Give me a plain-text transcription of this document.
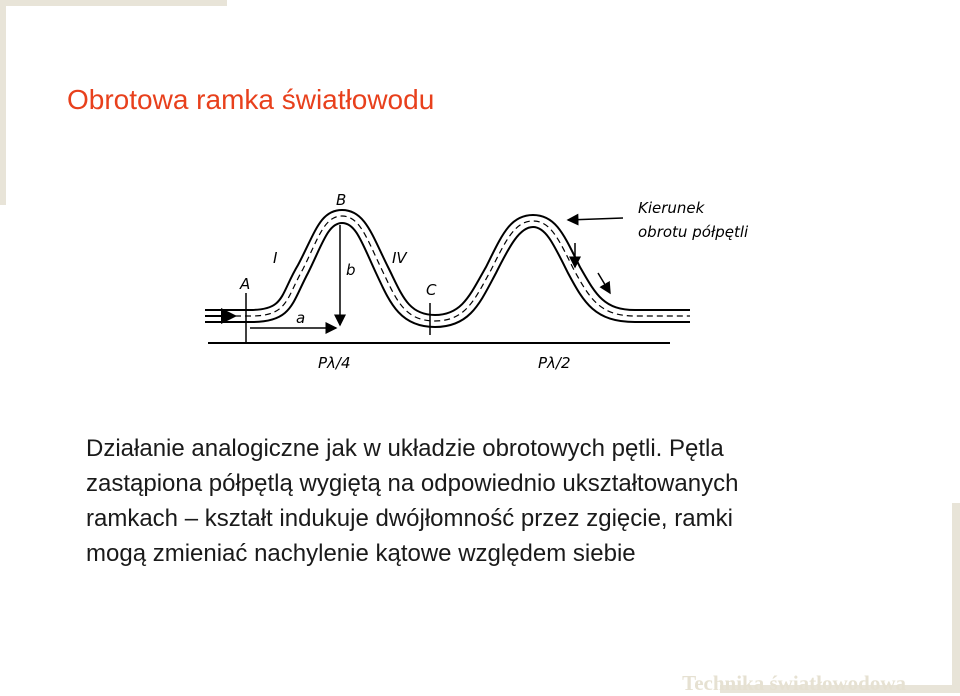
Obrotowa ramka światłowodu
A
B
C
I	IV
b
a
Pλ/4	Pλ/2
Kierunek
obrotu półpętli
Działanie analogiczne jak w układzie obrotowych pętli. Pętla
zastąpiona półpętlą wygiętą na odpowiednio ukształtowanych
ramkach – kształt indukuje dwójłomność przez zgięcie, ramki
mogą zmieniać nachylenie kątowe względem siebie
Technika światłowodowa
